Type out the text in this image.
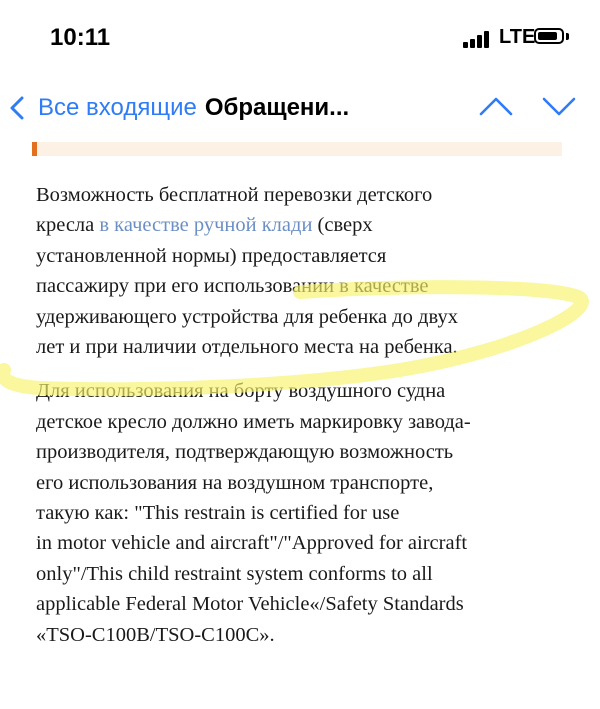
10:11	LTE
Все входящие Обращени...

Возможность бесплатной перевозки детского
кресла в качестве ручной клади (сверх
установленной нормы) предоставляется
пассажиру при его использовании в качестве
удерживающего устройства для ребенка до двух
лет и при наличии отдельного места на ребенка.

Для использования на борту воздушного судна
детское кресло должно иметь маркировку завода-
производителя, подтверждающую возможность
его использования на воздушном транспорте,
такую как: "This restrain is certified for use
in motor vehicle and aircraft"/"Approved for aircraft
only"/This child restraint system conforms to all
applicable Federal Motor Vehicle«/Safety Standards
«TSO-C100B/TSO-C100C».
